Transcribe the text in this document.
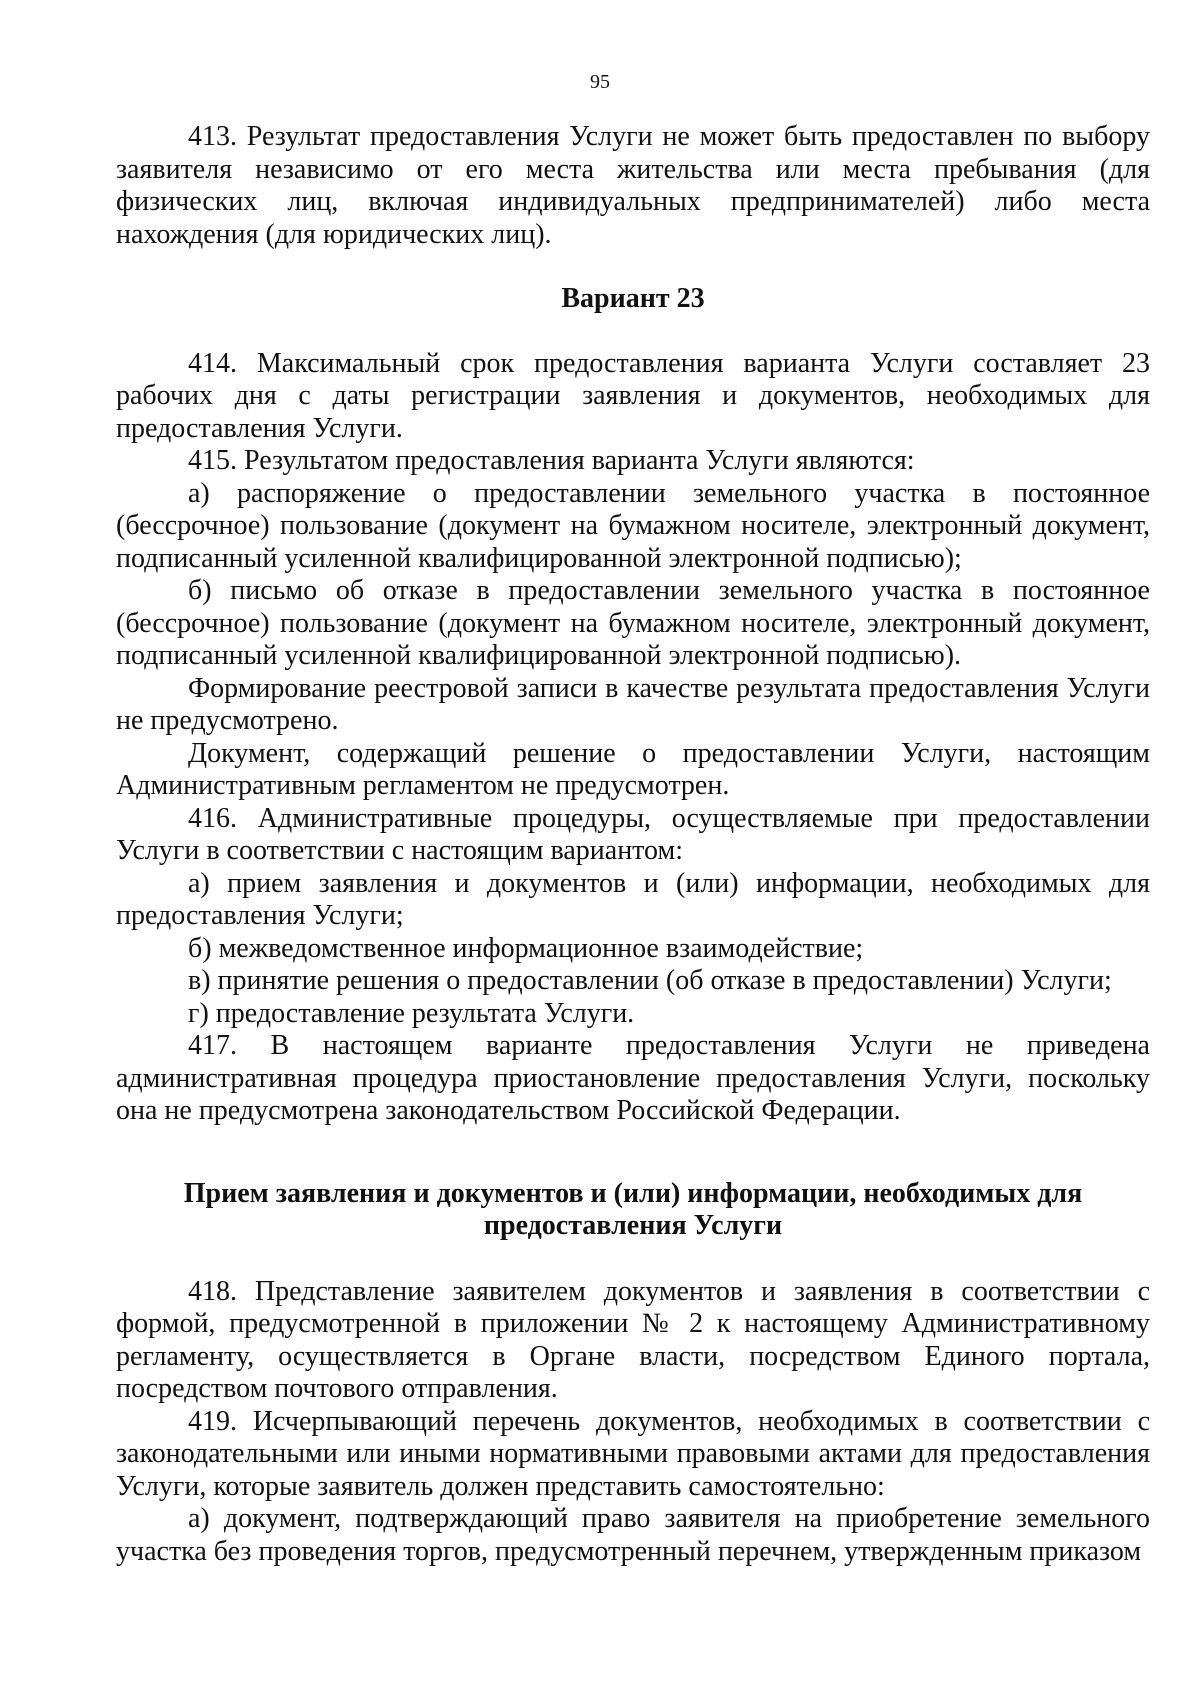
95

413. Результат предоставления Услуги не может быть предоставлен по выбору заявителя независимо от его места жительства или места пребывания (для физических лиц, включая индивидуальных предпринимателей) либо места нахождения (для юридических лиц).

Вариант 23

414. Максимальный срок предоставления варианта Услуги составляет 23 рабочих дня с даты регистрации заявления и документов, необходимых для предоставления Услуги.

415. Результатом предоставления варианта Услуги являются:

а) распоряжение о предоставлении земельного участка в постоянное (бессрочное) пользование (документ на бумажном носителе, электронный документ, подписанный усиленной квалифицированной электронной подписью);

б) письмо об отказе в предоставлении земельного участка в постоянное (бессрочное) пользование (документ на бумажном носителе, электронный документ, подписанный усиленной квалифицированной электронной подписью).

Формирование реестровой записи в качестве результата предоставления Услуги не предусмотрено.

Документ, содержащий решение о предоставлении Услуги, настоящим Административным регламентом не предусмотрен.

416. Административные процедуры, осуществляемые при предоставлении Услуги в соответствии с настоящим вариантом:

а) прием заявления и документов и (или) информации, необходимых для предоставления Услуги;

б) межведомственное информационное взаимодействие;

в) принятие решения о предоставлении (об отказе в предоставлении) Услуги;

г) предоставление результата Услуги.

417. В настоящем варианте предоставления Услуги не приведена административная процедура приостановление предоставления Услуги, поскольку она не предусмотрена законодательством Российской Федерации.

Прием заявления и документов и (или) информации, необходимых для предоставления Услуги

418. Представление заявителем документов и заявления в соответствии с формой, предусмотренной в приложении № 2 к настоящему Административному регламенту, осуществляется в Органе власти, посредством Единого портала, посредством почтового отправления.

419. Исчерпывающий перечень документов, необходимых в соответствии с законодательными или иными нормативными правовыми актами для предоставления Услуги, которые заявитель должен представить самостоятельно:

а) документ, подтверждающий право заявителя на приобретение земельного участка без проведения торгов, предусмотренный перечнем, утвержденным приказом
